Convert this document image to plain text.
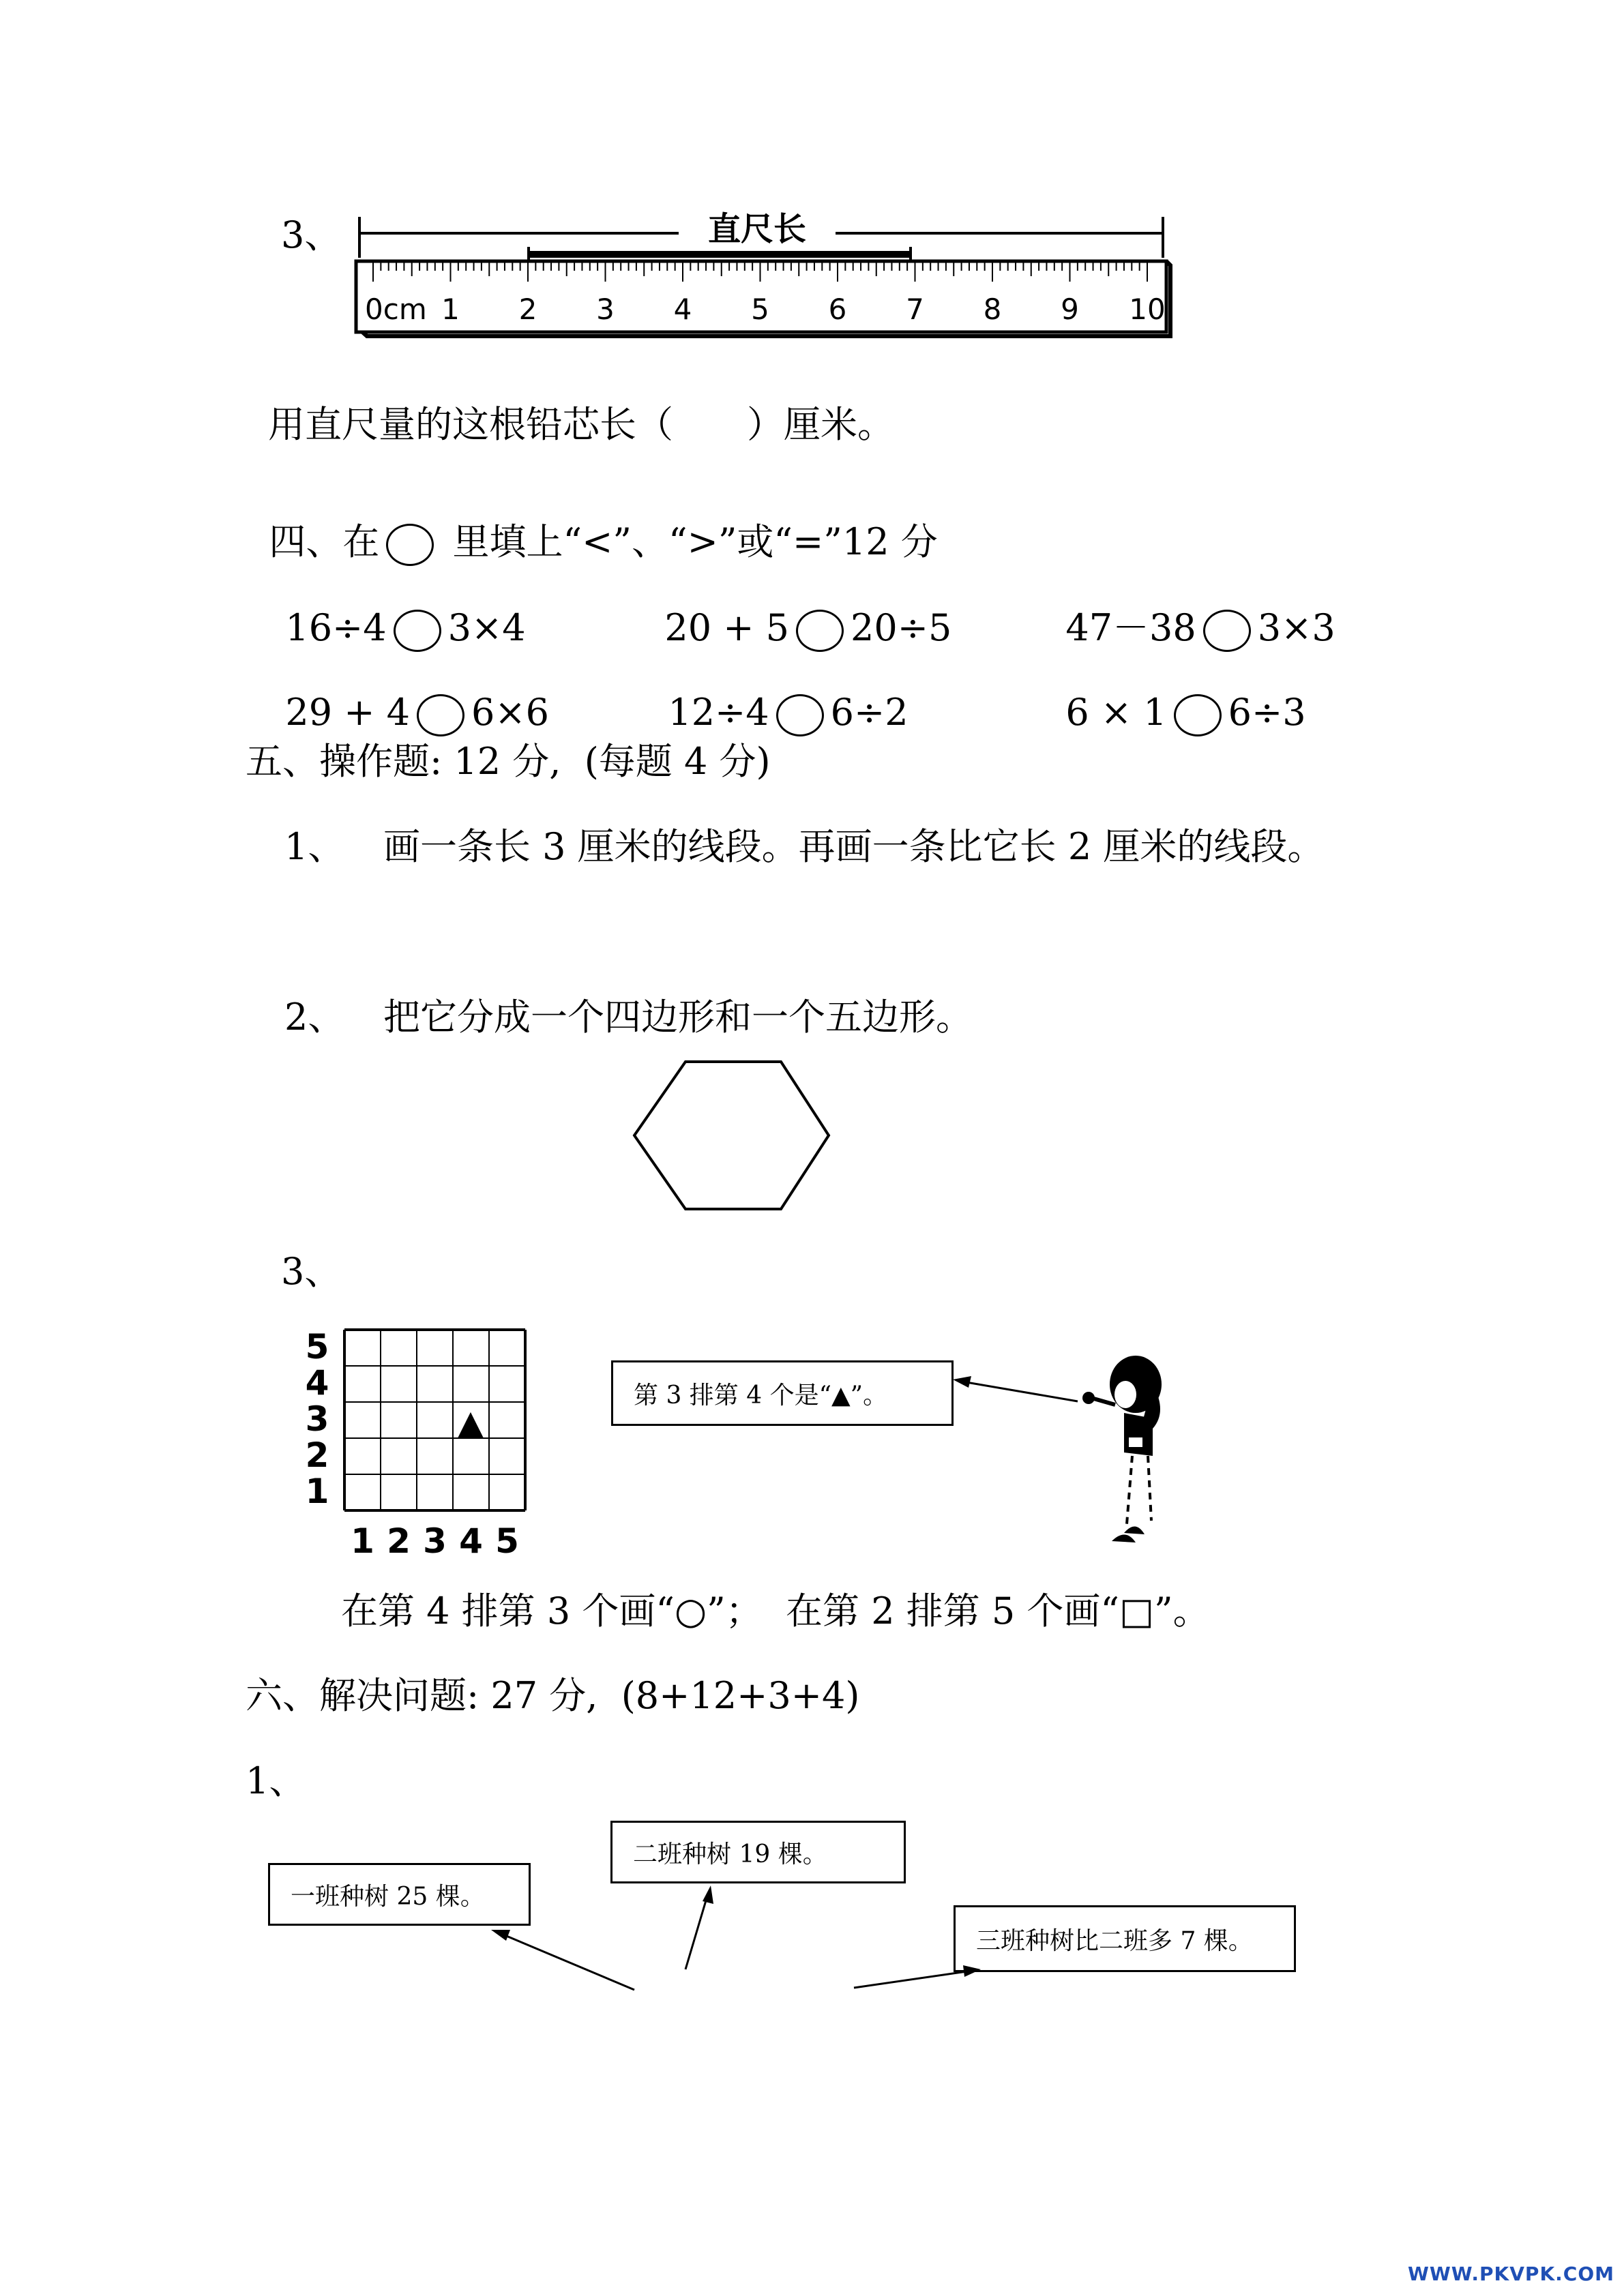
3、	直尺长
0cm 1 2 3 4 5 6 7 8 9 10
用直尺量的这根铅芯长（　　）厘米。

四、在 里填上“<”、“>”或“=”12 分

16÷4 3×4	20 + 5 20÷5	47－38 3×3

29 + 4 6×6	12÷4 6÷2	6 × 1 6÷3

五、操作题: 12 分,  (每题 4 分)
1、 画一条长 3 厘米的线段。再画一条比它长 2 厘米的线段。
2、 把它分成一个四边形和一个五边形。
3、
5
4
3
2
1
1 2 3 4 5
▲
第 3 排第 4 个是“▲”。
在第 4 排第 3 个画“○”；  在第 2 排第 5 个画“□”。
六、解决问题: 27 分,  (8+12+3+4)
1、
一班种树 25 棵。
二班种树 19 棵。
三班种树比二班多 7 棵。
WWW.PKVPK.COM
